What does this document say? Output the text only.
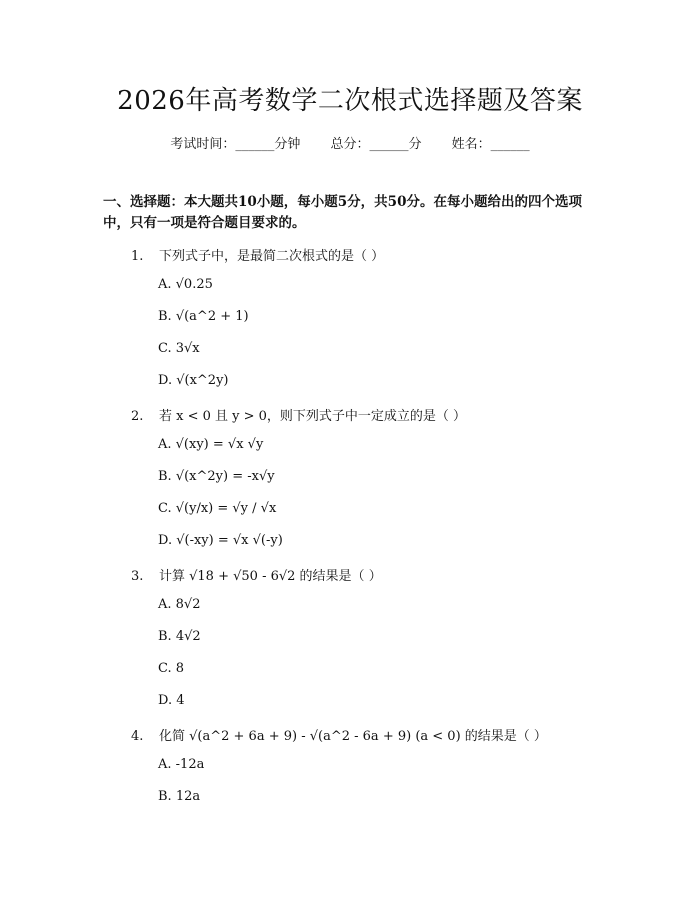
2026年高考数学二次根式选择题及答案
考试时间：______分钟 总分：______分 姓名：______
一、选择题：本大题共10小题，每小题5分，共50分。在每小题给出的四个选项中，只有一项是符合题目要求的。
1. 下列式子中，是最简二次根式的是（ ）
A. √0.25
B. √(a^2 + 1)
C. 3√x
D. √(x^2y)
2. 若 x < 0 且 y > 0，则下列式子中一定成立的是（ ）
A. √(xy) = √x √y
B. √(x^2y) = -x√y
C. √(y/x) = √y / √x
D. √(-xy) = √x √(-y)
3. 计算 √18 + √50 - 6√2 的结果是（ ）
A. 8√2
B. 4√2
C. 8
D. 4
4. 化简 √(a^2 + 6a + 9) - √(a^2 - 6a + 9) (a < 0) 的结果是（ ）
A. -12a
B. 12a
